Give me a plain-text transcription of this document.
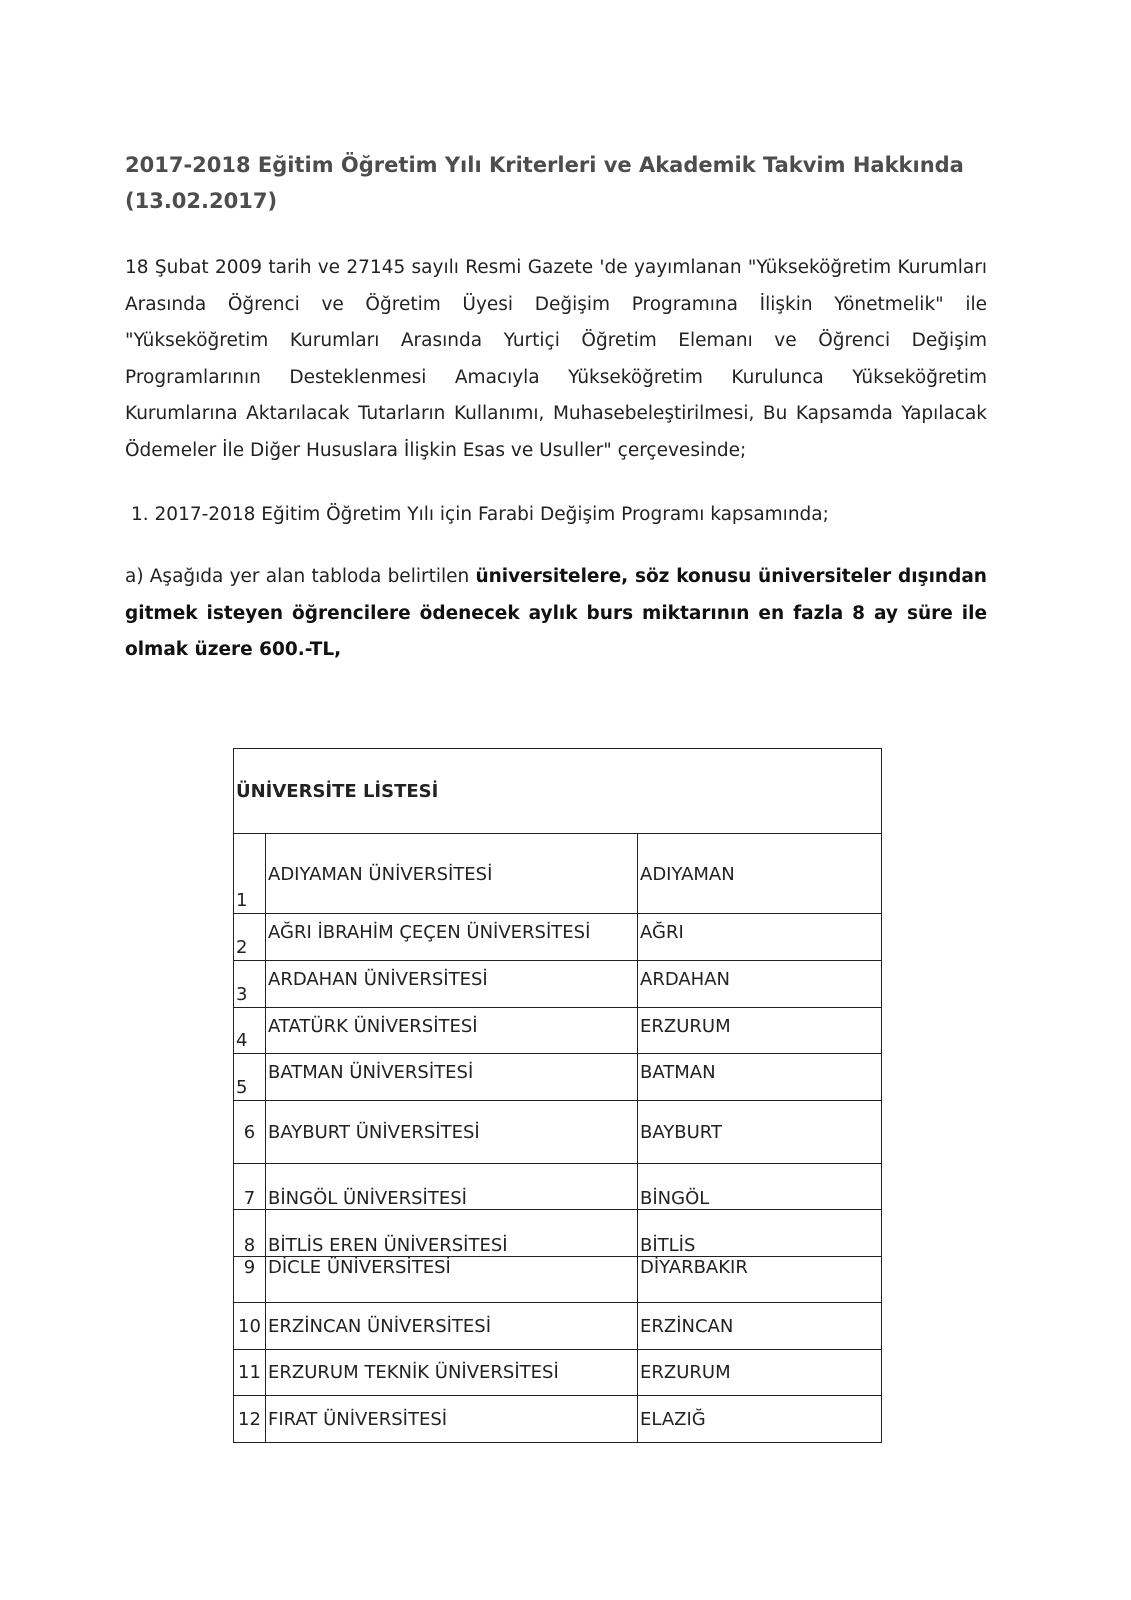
2017-2018 Eğitim Öğretim Yılı Kriterleri ve Akademik Takvim Hakkında
(13.02.2017)

18 Şubat 2009 tarih ve 27145 sayılı Resmi Gazete 'de yayımlanan "Yükseköğretim Kurumları Arasında Öğrenci ve Öğretim Üyesi Değişim Programına İlişkin Yönetmelik" ile "Yükseköğretim Kurumları Arasında Yurtiçi Öğretim Elemanı ve Öğrenci Değişim Programlarının Desteklenmesi Amacıyla Yükseköğretim Kurulunca Yükseköğretim Kurumlarına Aktarılacak Tutarların Kullanımı, Muhasebeleştirilmesi, Bu Kapsamda Yapılacak Ödemeler İle Diğer Hususlara İlişkin Esas ve Usuller" çerçevesinde;

1. 2017-2018 Eğitim Öğretim Yılı için Farabi Değişim Programı kapsamında;

a) Aşağıda yer alan tabloda belirtilen üniversitelere, söz konusu üniversiteler dışından gitmek isteyen öğrencilere ödenecek aylık burs miktarının en fazla 8 ay süre ile olmak üzere 600.-TL,

ÜNİVERSİTE LİSTESİ		
1	ADIYAMAN ÜNİVERSİTESİ	ADIYAMAN
2	AĞRI İBRAHİM ÇEÇEN ÜNİVERSİTESİ	AĞRI
3	ARDAHAN ÜNİVERSİTESİ	ARDAHAN
4	ATATÜRK ÜNİVERSİTESİ	ERZURUM
5	BATMAN ÜNİVERSİTESİ	BATMAN
6	BAYBURT ÜNİVERSİTESİ	BAYBURT
7	BİNGÖL ÜNİVERSİTESİ	BİNGÖL
8	BİTLİS EREN ÜNİVERSİTESİ	BİTLİS
9	DİCLE ÜNİVERSİTESİ	DİYARBAKIR
10	ERZİNCAN ÜNİVERSİTESİ	ERZİNCAN
11	ERZURUM TEKNİK ÜNİVERSİTESİ	ERZURUM
12	FIRAT ÜNİVERSİTESİ	ELAZIĞ
